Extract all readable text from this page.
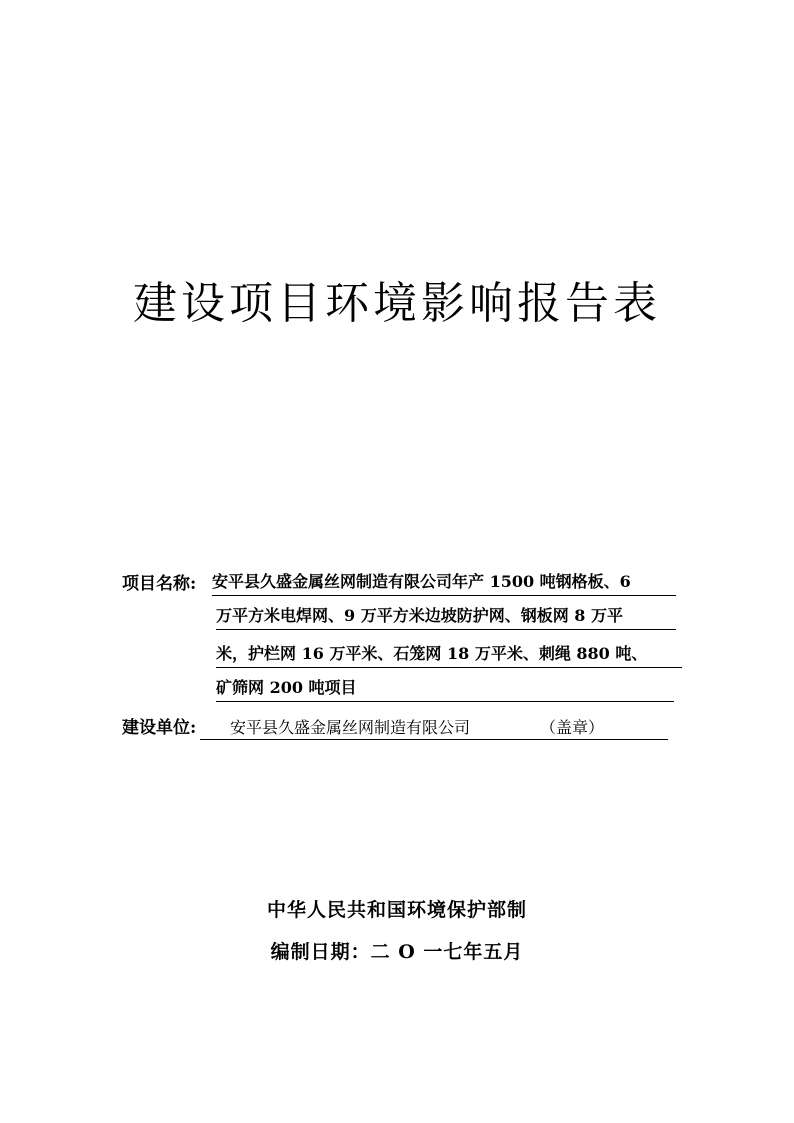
建设项目环境影响报告表
项目名称: 安平县久盛金属丝网制造有限公司年产 1500 吨钢格板、6
万平方米电焊网、9 万平方米边坡防护网、钢板网 8 万平
米，护栏网 16 万平米、石笼网 18 万平米、刺绳 880 吨、
矿筛网 200 吨项目
建设单位: 安平县久盛金属丝网制造有限公司	（盖章）
中华人民共和国环境保护部制
编制日期：二 O 一七年五月
